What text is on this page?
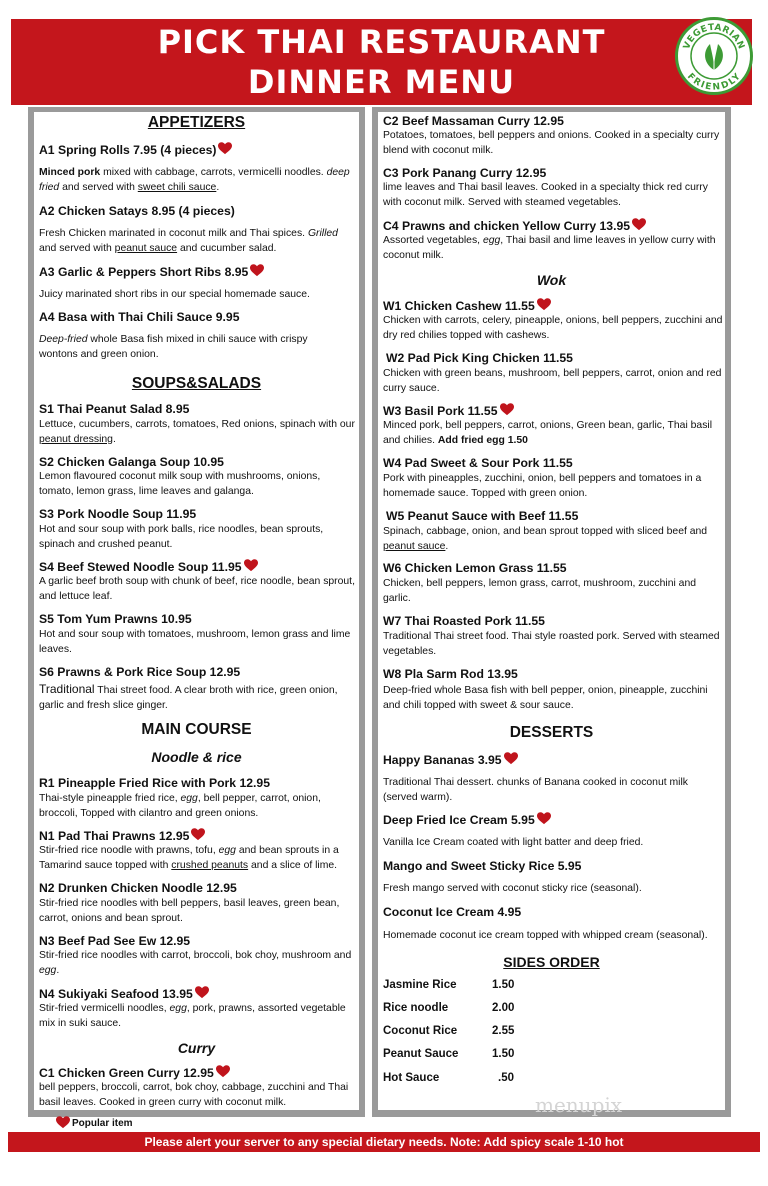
PICK THAI RESTAURANT
DINNER MENU
VEGETARIAN
FRIENDLY
APPETIZERS
A1 Spring Rolls 7.95 (4 pieces)
Minced pork mixed with cabbage, carrots, vermicelli noodles. deep fried and served with sweet chili sauce.
A2 Chicken Satays 8.95 (4 pieces)
Fresh Chicken marinated in coconut milk and Thai spices. Grilled and served with peanut sauce and cucumber salad.
A3 Garlic & Peppers Short Ribs 8.95
Juicy marinated short ribs in our special homemade sauce.
A4 Basa with Thai Chili Sauce 9.95
Deep-fried whole Basa fish mixed in chili sauce with crispy wontons and green onion.
SOUPS&SALADS
S1 Thai Peanut Salad 8.95
Lettuce, cucumbers, carrots, tomatoes, Red onions, spinach with our peanut dressing.
S2 Chicken Galanga Soup 10.95
Lemon flavoured coconut milk soup with mushrooms, onions, tomato, lemon grass, lime leaves and galanga.
S3 Pork Noodle Soup 11.95
Hot and sour soup with pork balls, rice noodles, bean sprouts, spinach and crushed peanut.
S4 Beef Stewed Noodle Soup 11.95
A garlic beef broth soup with chunk of beef, rice noodle, bean sprout, and lettuce leaf.
S5 Tom Yum Prawns 10.95
Hot and sour soup with tomatoes, mushroom, lemon grass and lime leaves.
S6 Prawns & Pork Rice Soup 12.95
Traditional Thai street food. A clear broth with rice, green onion, garlic and fresh slice ginger.
MAIN COURSE
Noodle & rice
R1 Pineapple Fried Rice with Pork 12.95
Thai-style pineapple fried rice, egg, bell pepper, carrot, onion, broccoli, Topped with cilantro and green onions.
N1 Pad Thai Prawns 12.95
Stir-fried rice noodle with prawns, tofu, egg and bean sprouts in a Tamarind sauce topped with crushed peanuts and a slice of lime.
N2 Drunken Chicken Noodle 12.95
Stir-fried rice noodles with bell peppers, basil leaves, green bean, carrot, onions and bean sprout.
N3 Beef Pad See Ew 12.95
Stir-fried rice noodles with carrot, broccoli, bok choy, mushroom and egg.
N4 Sukiyaki Seafood 13.95
Stir-fried vermicelli noodles, egg, pork, prawns, assorted vegetable mix in suki sauce.
Curry
C1 Chicken Green Curry 12.95
bell peppers, broccoli, carrot, bok choy, cabbage, zucchini and Thai basil leaves. Cooked in green curry with coconut milk.
C2 Beef Massaman Curry 12.95
Potatoes, tomatoes, bell peppers and onions. Cooked in a specialty curry blend with coconut milk.
C3 Pork Panang Curry 12.95
lime leaves and Thai basil leaves. Cooked in a specialty thick red curry with coconut milk. Served with steamed vegetables.
C4 Prawns and chicken Yellow Curry 13.95
Assorted vegetables, egg, Thai basil and lime leaves in yellow curry with coconut milk.
Wok
W1 Chicken Cashew 11.55
Chicken with carrots, celery, pineapple, onions, bell peppers, zucchini and dry red chilies topped with cashews.
W2 Pad Pick King Chicken 11.55
Chicken with green beans, mushroom, bell peppers, carrot, onion and red curry sauce.
W3 Basil Pork 11.55
Minced pork, bell peppers, carrot, onions, Green bean, garlic, Thai basil and chilies. Add fried egg 1.50
W4 Pad Sweet & Sour Pork 11.55
Pork with pineapples, zucchini, onion, bell peppers and tomatoes in a homemade sauce. Topped with green onion.
W5 Peanut Sauce with Beef 11.55
Spinach, cabbage, onion, and bean sprout topped with sliced beef and peanut sauce.
W6 Chicken Lemon Grass 11.55
Chicken, bell peppers, lemon grass, carrot, mushroom, zucchini and garlic.
W7 Thai Roasted Pork 11.55
Traditional Thai street food. Thai style roasted pork. Served with steamed vegetables.
W8 Pla Sarm Rod 13.95
Deep-fried whole Basa fish with bell pepper, onion, pineapple, zucchini and chili topped with sweet & sour sauce.
DESSERTS
Happy Bananas 3.95
Traditional Thai dessert. chunks of Banana cooked in coconut milk (served warm).
Deep Fried Ice Cream 5.95
Vanilla Ice Cream coated with light batter and deep fried.
Mango and Sweet Sticky Rice 5.95
Fresh mango served with coconut sticky rice (seasonal).
Coconut Ice Cream 4.95
Homemade coconut ice cream topped with whipped cream (seasonal).
SIDES ORDER
Jasmine Rice	1.50
Rice noodle	2.00
Coconut Rice	2.55
Peanut Sauce	1.50
Hot Sauce	.50
menupix
Popular item
Please alert your server to any special dietary needs. Note: Add spicy scale 1-10 hot
